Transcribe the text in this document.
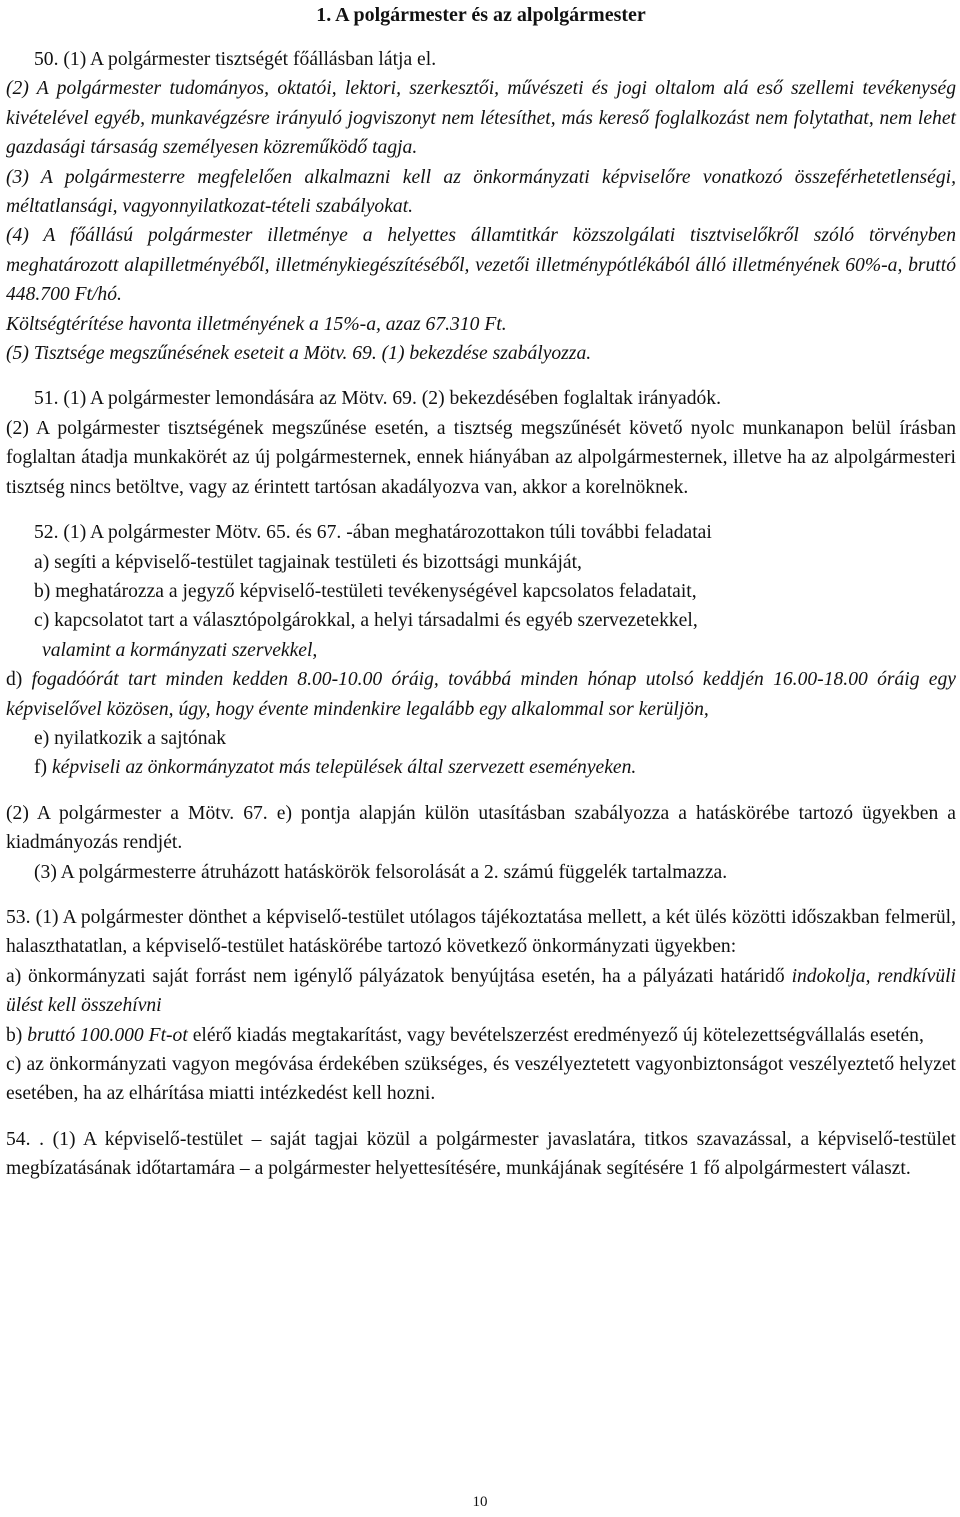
1. A polgármester és az alpolgármester

50. (1) A polgármester tisztségét főállásban látja el.

(2) A polgármester tudományos, oktatói, lektori, szerkesztői, művészeti és jogi oltalom alá eső szellemi tevékenység kivételével egyéb, munkavégzésre irányuló jogviszonyt nem létesíthet, más kereső foglalkozást nem folytathat, nem lehet gazdasági társaság személyesen közreműködő tagja.

(3) A polgármesterre megfelelően alkalmazni kell az önkormányzati képviselőre vonatkozó összeférhetetlenségi, méltatlansági, vagyonnyilatkozat-tételi szabályokat.

(4) A főállású polgármester illetménye a helyettes államtitkár közszolgálati tisztviselőkről szóló törvényben meghatározott alapilletményéből, illetménykiegészítéséből, vezetői illetménypótlékából álló illetményének 60%-a, bruttó 448.700 Ft/hó.

Költségtérítése havonta illetményének a 15%-a, azaz 67.310 Ft.

(5) Tisztsége megszűnésének eseteit a Mötv. 69. (1) bekezdése szabályozza.

51. (1) A polgármester lemondására az Mötv. 69. (2) bekezdésében foglaltak irányadók.

(2) A polgármester tisztségének megszűnése esetén, a tisztség megszűnését követő nyolc munkanapon belül írásban foglaltan átadja munkakörét az új polgármesternek, ennek hiányában az alpolgármesternek, illetve ha az alpolgármesteri tisztség nincs betöltve, vagy az érintett tartósan akadályozva van, akkor a korelnöknek.

52. (1) A polgármester Mötv. 65. és 67. -ában meghatározottakon túli további feladatai

a) segíti a képviselő-testület tagjainak testületi és bizottsági munkáját,

b) meghatározza a jegyző képviselő-testületi tevékenységével kapcsolatos feladatait,

c) kapcsolatot tart a választópolgárokkal, a helyi társadalmi és egyéb szervezetekkel,

valamint a kormányzati szervekkel,

d) fogadóórát tart minden kedden 8.00-10.00 óráig, továbbá minden hónap utolsó keddjén 16.00-18.00 óráig egy képviselővel közösen, úgy, hogy évente mindenkire legalább egy alkalommal sor kerüljön,

e) nyilatkozik a sajtónak

f) képviseli az önkormányzatot más települések által szervezett eseményeken.

(2) A polgármester a Mötv. 67. e) pontja alapján külön utasításban szabályozza a hatáskörébe tartozó ügyekben a kiadmányozás rendjét.

(3) A polgármesterre átruházott hatáskörök felsorolását a 2. számú függelék tartalmazza.

53. (1) A polgármester dönthet a képviselő-testület utólagos tájékoztatása mellett, a két ülés közötti időszakban felmerül, halaszthatatlan, a képviselő-testület hatáskörébe tartozó következő önkormányzati ügyekben:

a) önkormányzati saját forrást nem igénylő pályázatok benyújtása esetén, ha a pályázati határidő indokolja, rendkívüli ülést kell összehívni

b) bruttó 100.000 Ft-ot elérő kiadás megtakarítást, vagy bevételszerzést eredményező új kötelezettségvállalás esetén,

c) az önkormányzati vagyon megóvása érdekében szükséges, és veszélyeztetett vagyonbiztonságot veszélyeztető helyzet esetében, ha az elhárítása miatti intézkedést kell hozni.

54. . (1) A képviselő-testület – saját tagjai közül a polgármester javaslatára, titkos szavazással, a képviselő-testület megbízatásának időtartamára – a polgármester helyettesítésére, munkájának segítésére 1 fő alpolgármestert választ.

10
